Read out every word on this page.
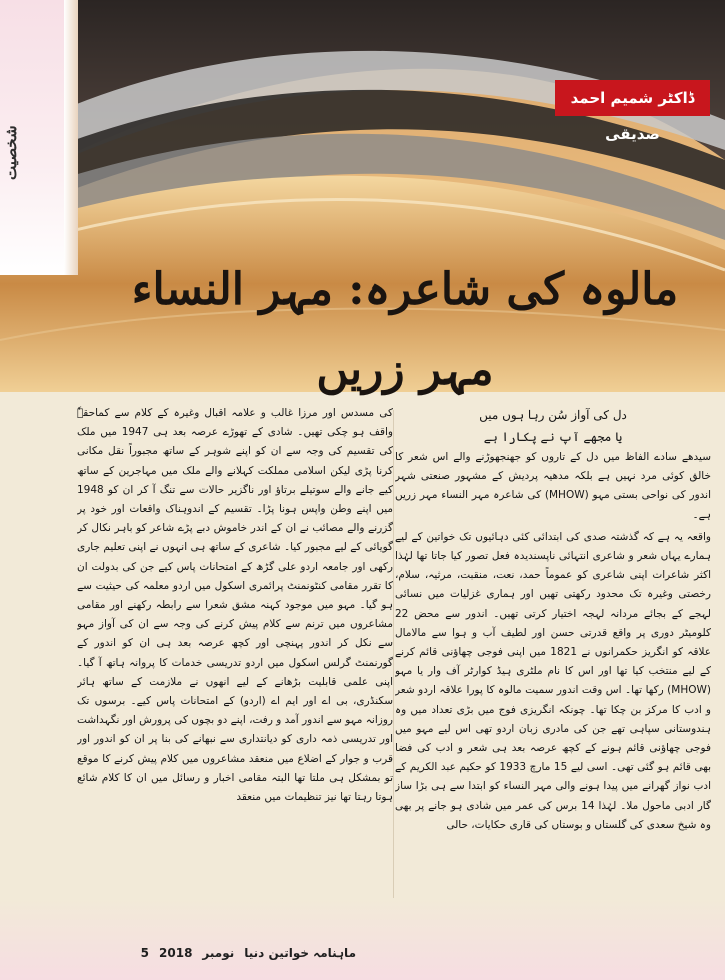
شخصیت
ڈاکٹر شمیم احمد صدیقی
مالوہ کی شاعرہ: مہر النساء مہر زریں
دل کی آواز سُن رہا ہوں میں
یا مجھے آپ نے پکارا ہے

سیدھے سادے الفاظ میں دل کے تاروں کو جھنجھوڑنے والے اس شعر کا خالق کوئی مرد نہیں ہے بلکہ مدھیہ پردیش کے مشہور صنعتی شہر اندور کی نواحی بستی مہو (MHOW) کی شاعرہ مہر النساء مہر زریں ہے۔

واقعہ یہ ہے کہ گذشتہ صدی کی ابتدائی کئی دہائیوں تک خواتین کے لیے ہمارے یہاں شعر و شاعری انتہائی ناپسندیدہ فعل تصور کیا جاتا تھا لہٰذا اکثر شاعرات اپنی شاعری کو عموماً حمد، نعت، منقبت، مرثیہ، سلام، رخصتی وغیرہ تک محدود رکھتی تھیں اور ہماری غزلیات میں نسائی لہجے کے بجائے مردانہ لہجہ اختیار کرتی تھیں۔ اندور سے محض 22 کلومیٹر دوری پر واقع قدرتی حسن اور لطیف آب و ہوا سے مالامال علاقہ کو انگریز حکمرانوں نے 1821 میں اپنی فوجی چھاؤنی قائم کرنے کے لیے منتخب کیا تھا اور اس کا نام ملٹری ہیڈ کوارٹر آف وار یا مہو (MHOW) رکھا تھا۔ اس وقت اندور سمیت مالوہ کا پورا علاقہ اردو شعر و ادب کا مرکز بن چکا تھا۔ چونکہ انگریزی فوج میں بڑی تعداد میں وہ ہندوستانی سپاہی تھے جن کی مادری زبان اردو تھی اس لیے مہو میں فوجی چھاؤنی قائم ہونے کے کچھ عرصہ بعد ہی شعر و ادب کی فضا بھی قائم ہو گئی تھی۔ اسی لیے 15 مارچ 1933 کو حکیم عبد الکریم کے ادب نواز گھرانے میں پیدا ہونے والی مہر النساء کو ابتدا سے ہی بڑا ساز گار ادبی ماحول ملا۔ لہٰذا 14 برس کی عمر میں شادی ہو جانے پر بھی وہ شیخ سعدی کی گلستاں و بوستاں کی قاری حکایات، حالی

کی مسدس اور مرزا غالب و علامہ اقبال وغیرہ کے کلام سے کماحقہٗ واقف ہو چکی تھیں۔ شادی کے تھوڑے عرصہ بعد ہی 1947 میں ملک کی تقسیم کی وجہ سے ان کو اپنے شوہر کے ساتھ مجبوراً نقل مکانی کرنا پڑی لیکن اسلامی مملکت کہلانے والے ملک میں مہاجرین کے ساتھ کیے جانے والے سوتیلے برتاؤ اور ناگزیر حالات سے تنگ آ کر ان کو 1948 میں اپنے وطن واپس ہونا پڑا۔ تقسیم کے اندوہناک واقعات اور خود پر گزرنے والے مصائب نے ان کے اندر خاموش دبے پڑے شاعر کو باہر نکال کر گویائی کے لیے مجبور کیا۔ شاعری کے ساتھ ہی انہوں نے اپنی تعلیم جاری رکھی اور جامعہ اردو علی گڑھ کے امتحانات پاس کیے جن کی بدولت ان کا تقرر مقامی کنٹونمنٹ پرائمری اسکول میں اردو معلمہ کی حیثیت سے ہو گیا۔ مہو میں موجود کہنہ مشق شعرا سے رابطہ رکھنے اور مقامی مشاعروں میں ترنم سے کلام پیش کرنے کی وجہ سے ان کی آواز مہو سے نکل کر اندور پہنچی اور کچھ عرصہ بعد ہی ان کو اندور کے گورنمنٹ گرلس اسکول میں اردو تدریسی خدمات کا پروانہ ہاتھ آ گیا۔ اپنی علمی قابلیت بڑھانے کے لیے انھوں نے ملازمت کے ساتھ ہائر سکنڈری، بی اے اور ایم اے (اردو) کے امتحانات پاس کیے۔ برسوں تک روزانہ مہو سے اندور آمد و رفت، اپنے دو بچوں کی پرورش اور نگہداشت اور تدریسی ذمہ داری کو دیانتداری سے نبھانے کی بنا پر ان کو اندور اور قرب و جوار کے اضلاع میں منعقد مشاعروں میں کلام پیش کرنے کا موقع تو بمشکل ہی ملتا تھا البتہ مقامی اخبار و رسائل میں ان کا کلام شائع ہوتا رہتا تھا نیز تنظیمات میں منعقد

ماہنامہ خواتین دنیا
نومبر
2018
5
